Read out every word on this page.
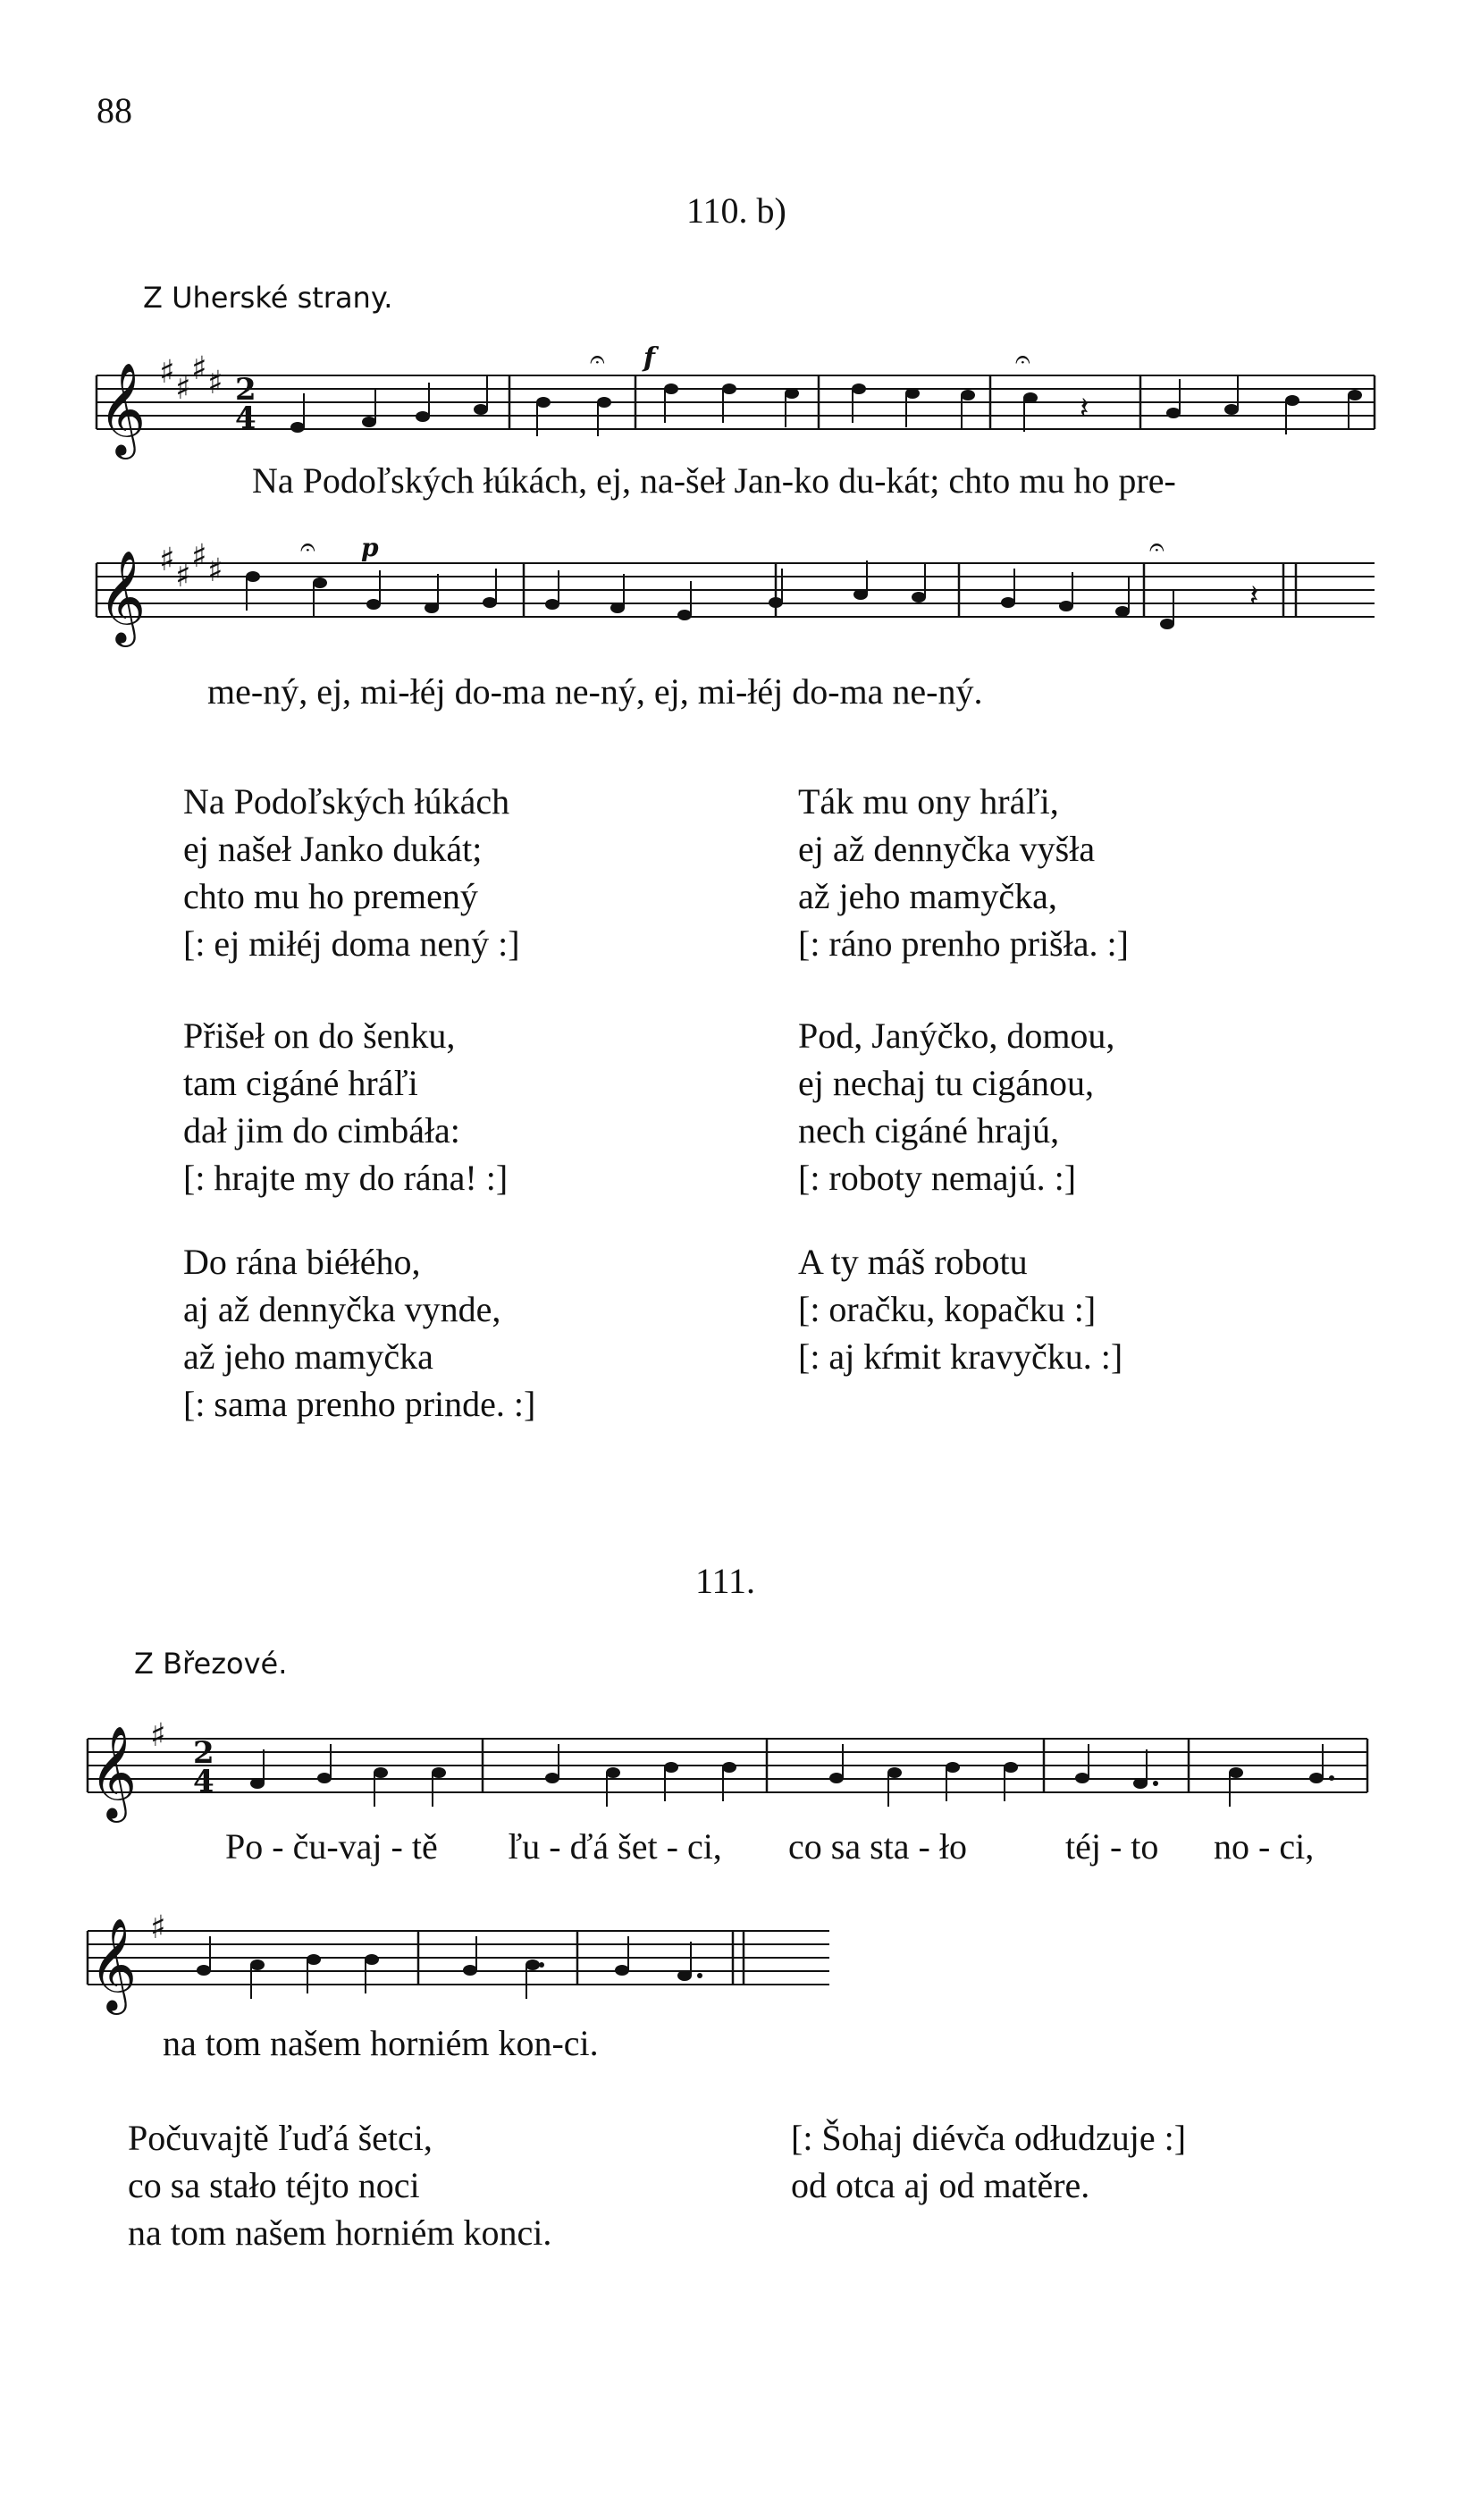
88
110. b)
Z Uherské strany.
𝄞 ♯ ♯
♯ ♯ 2
4	𝄽
𝄐	𝄐
f
Na Podoľských łúkách, ej, na-šeł Jan-ko du-kát; chto mu ho pre-
𝄞 ♯ ♯
♯ ♯
𝄽
𝄐	𝄐
p
me-ný, ej, mi-łéj do-ma ne-ný, ej, mi-łéj do-ma ne-ný.
Na Podoľských łúkách
ej našeł Janko dukát;
chto mu ho premený
[: ej miłéj doma nený :]
Přišeł on do šenku,
tam cigáné hráľi
dał jim do cimbáła:
[: hrajte my do rána! :]
Do rána biéłého,
aj až dennyčka vynde,
až jeho mamyčka
[: sama prenho prinde. :]
Ták mu ony hráľi,
ej až dennyčka vyšła
až jeho mamyčka,
[: ráno prenho prišła. :]
Pod, Janýčko, domou,
ej nechaj tu cigánou,
nech cigáné hrajú,
[: roboty nemajú. :]
A ty máš robotu
[: oračku, kopačku :]
[: aj kŕmit kravyčku. :]
111.
Z Březové.
𝄞 ♯ 2
4
Po - ču-vaj - tě ľu - ďá šet - ci, co sa sta - ło	téj - to no - ci,
𝄞 ♯
na tom našem horniém kon-ci.
Počuvajtě ľuďá šetci,
co sa stało téjto noci
na tom našem horniém konci.
[: Šohaj diévča odłudzuje :]
od otca aj od matěre.
